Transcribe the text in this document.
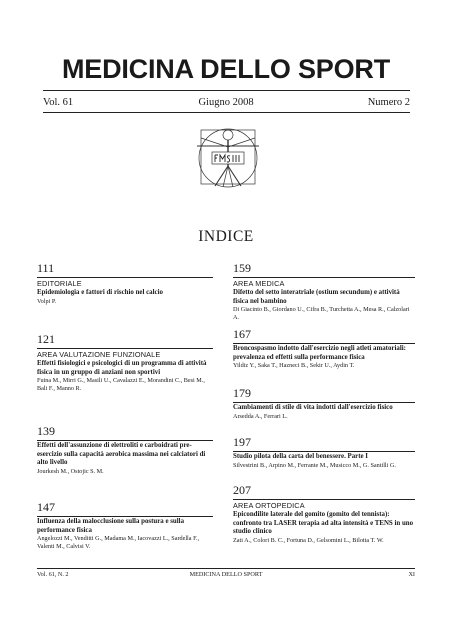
MEDICINA DELLO SPORT
Vol. 61	Giugno 2008	Numero 2
INDICE
111
EDITORIALE
Epidemiologia e fattori di rischio nel calcio
Volpi P.
121
AREA VALUTAZIONE FUNZIONALE
Effetti fisiologici e psicologici di un programma di attività fisica in un gruppo di anziani non sportivi
Fuina M., Mirri G., Masili U., Cavalazzi E., Morandini C., Besi M., Bali F., Manno R.
139
Effetti dell'assunzione di elettroliti e carboidrati pre-esercizio sulla capacità aerobica massima nei calciatori di alto livello
Jourkesh M., Ostojic S. M.
147
Influenza della malocclusione sulla postura e sulla performance fisica
Angelozzi M., Venditti G., Madama M., Iacovazzi L., Sardella F., Valenti M., Calvisi V.
159
AREA MEDICA
Difetto del setto interatriale (ostium secundum) e attività fisica nel bambino
Di Giacinto B., Giordano U., Cifra B., Turchetta A., Mesa R., Calzolari A.
167
Broncospasmo indotto dall'esercizio negli atleti amatoriali: prevalenza ed effetti sulla performance fisica
Yildiz Y., Saka T., Hazneci B., Sekir U., Aydin T.
179
Cambiamenti di stile di vita indotti dall'esercizio fisico
Arsedda A., Ferrari L.
197
Studio pilota della carta del benessere. Parte I
Silvestrini B., Arpino M., Ferrante M., Musicco M., G. Santilli G.
207
AREA ORTOPEDICA
Epicondilite laterale del gomito (gomito del tennista): confronto tra LASER terapia ad alta intensità e TENS in uno studio clinico
Zati A., Colori B. C., Fortuna D., Gelsomini L., Bilotta T. W.
Vol. 61, N. 2	MEDICINA DELLO SPORT	XI
